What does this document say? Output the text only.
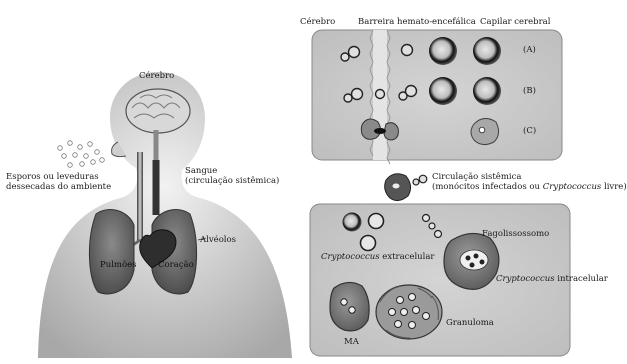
Cérebro
Esporos ou leveduras
dessecadas do ambiente
Sangue
(circulação sistêmica)
Alvéolos
Pulmões	Coração
Cérebro	Barreira hemato-encefálica Capilar cerebral
(A)
(B)
(C)
Circulação sistêmica
(monócitos infectados ou Cryptococcus livre)
Cryptococcus extracelular
Fagolissossomo
Cryptococcus intracelular
Granuloma
MA
